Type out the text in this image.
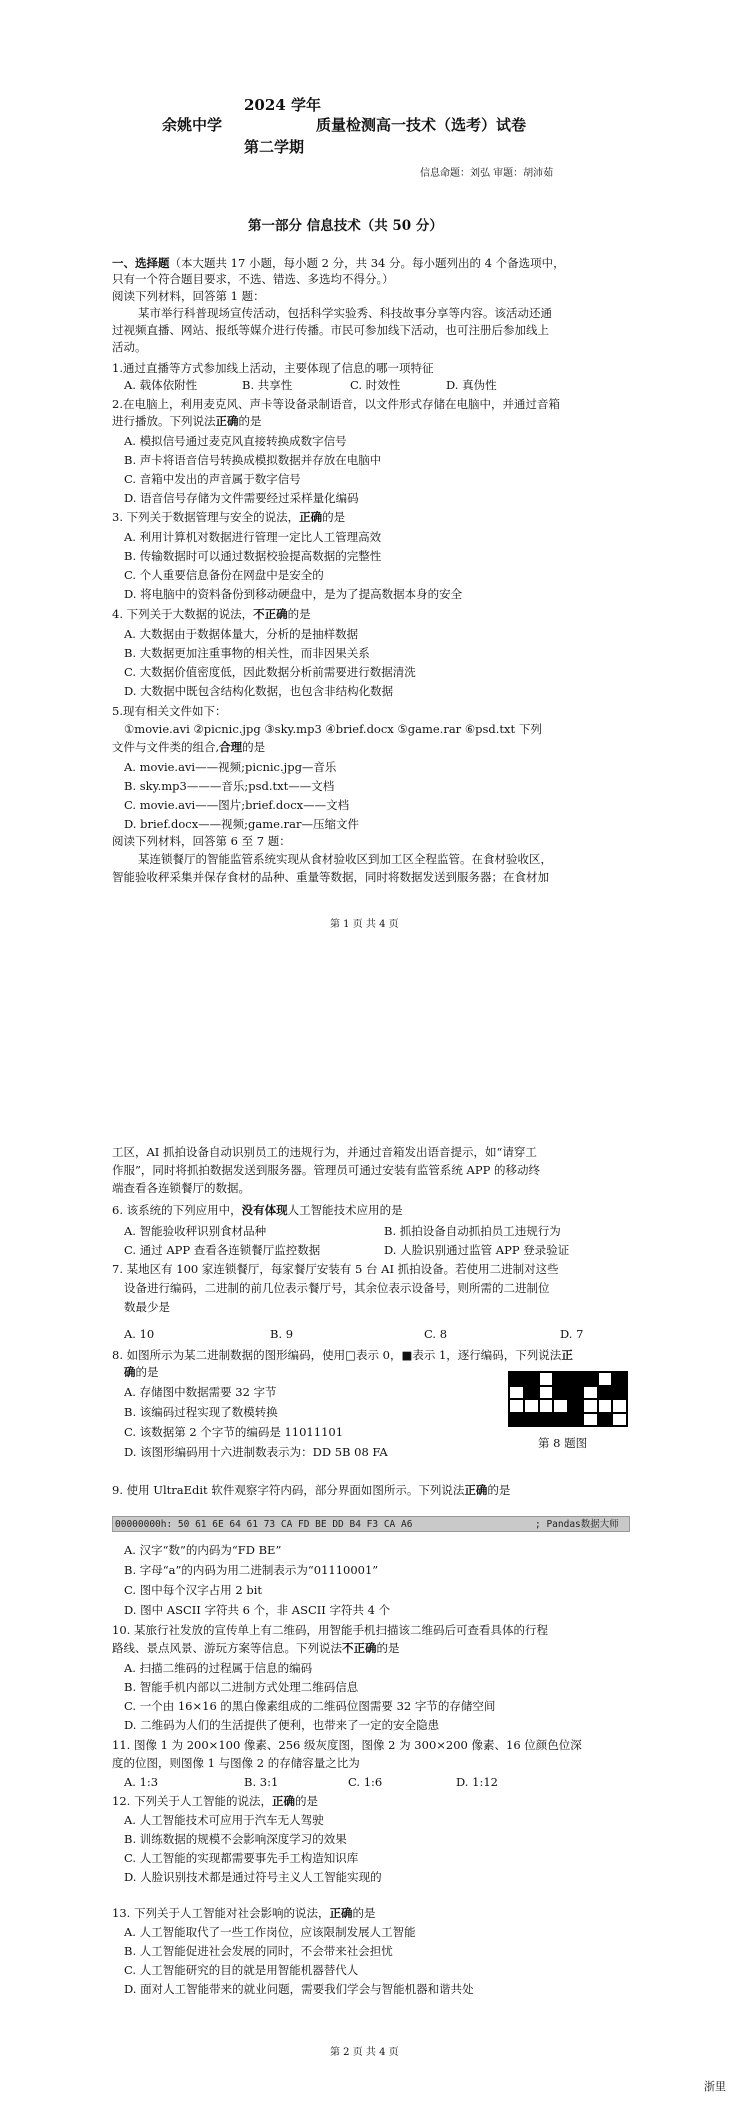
2024 学年
余姚中学	质量检测高一技术（选考）试卷
第二学期
信息命题：刘弘 审题：胡沛茹
第一部分 信息技术（共 50 分）
一、选择题（本大题共 17 小题，每小题 2 分，共 34 分。每小题列出的 4 个备选项中，
只有一个符合题目要求，不选、错选、多选均不得分。）
阅读下列材料，回答第 1 题：
某市举行科普现场宣传活动，包括科学实验秀、科技故事分享等内容。该活动还通
过视频直播、网站、报纸等媒介进行传播。市民可参加线下活动，也可注册后参加线上
活动。
1.通过直播等方式参加线上活动，主要体现了信息的哪一项特征
A. 载体依附性	B. 共享性	C. 时效性	D. 真伪性
2.在电脑上，利用麦克风、声卡等设备录制语音，以文件形式存储在电脑中，并通过音箱
进行播放。下列说法正确的是
A. 模拟信号通过麦克风直接转换成数字信号
B. 声卡将语音信号转换成模拟数据并存放在电脑中
C. 音箱中发出的声音属于数字信号
D. 语音信号存储为文件需要经过采样量化编码
3. 下列关于数据管理与安全的说法，正确的是
A. 利用计算机对数据进行管理一定比人工管理高效
B. 传输数据时可以通过数据校验提高数据的完整性
C. 个人重要信息备份在网盘中是安全的
D. 将电脑中的资料备份到移动硬盘中，是为了提高数据本身的安全
4. 下列关于大数据的说法，不正确的是
A. 大数据由于数据体量大，分析的是抽样数据
B. 大数据更加注重事物的相关性，而非因果关系
C. 大数据价值密度低，因此数据分析前需要进行数据清洗
D. 大数据中既包含结构化数据，也包含非结构化数据
5.现有相关文件如下：
①movie.avi ②picnic.jpg ③sky.mp3 ④brief.docx ⑤game.rar ⑥psd.txt 下列
文件与文件类的组合,合理的是
A. movie.avi——视频;picnic.jpg—音乐
B. sky.mp3———音乐;psd.txt——文档
C. movie.avi——图片;brief.docx——文档
D. brief.docx——视频;game.rar—压缩文件
阅读下列材料，回答第 6 至 7 题：
某连锁餐厅的智能监管系统实现从食材验收区到加工区全程监管。在食材验收区，
智能验收秤采集并保存食材的品种、重量等数据，同时将数据发送到服务器；在食材加
第 1 页 共 4 页
工区，AI 抓拍设备自动识别员工的违规行为，并通过音箱发出语音提示，如“请穿工
作服”，同时将抓拍数据发送到服务器。管理员可通过安装有监管系统 APP 的移动终
端查看各连锁餐厅的数据。
6. 该系统的下列应用中，没有体现人工智能技术应用的是
A. 智能验收秤识别食材品种	B. 抓拍设备自动抓拍员工违规行为
C. 通过 APP 查看各连锁餐厅监控数据	D. 人脸识别通过监管 APP 登录验证
7. 某地区有 100 家连锁餐厅，每家餐厅安装有 5 台 AI 抓拍设备。若使用二进制对这些
设备进行编码，二进制的前几位表示餐厅号，其余位表示设备号，则所需的二进制位
数最少是
A. 10	B. 9	C. 8	D. 7
8. 如图所示为某二进制数据的图形编码，使用□表示 0，■表示 1，逐行编码，下列说法正
确的是
A. 存储图中数据需要 32 字节
B. 该编码过程实现了数模转换
C. 该数据第 2 个字节的编码是 11011101
D. 该图形编码用十六进制数表示为：DD 5B 08 FA
第 8 题图
9. 使用 UltraEdit 软件观察字符内码，部分界面如图所示。下列说法正确的是
00000000h: 50 61 6E 64 61 73 CA FD BE DD B4 F3 CA A6	; Pandas数据大师
A. 汉字“数”的内码为“FD BE”
B. 字母“a”的内码为用二进制表示为“01110001”
C. 图中每个汉字占用 2 bit
D. 图中 ASCII 字符共 6 个，非 ASCII 字符共 4 个
10. 某旅行社发放的宣传单上有二维码，用智能手机扫描该二维码后可查看具体的行程
路线、景点风景、游玩方案等信息。下列说法不正确的是
A. 扫描二维码的过程属于信息的编码
B. 智能手机内部以二进制方式处理二维码信息
C. 一个由 16×16 的黑白像素组成的二维码位图需要 32 字节的存储空间
D. 二维码为人们的生活提供了便利，也带来了一定的安全隐患
11. 图像 1 为 200×100 像素、256 级灰度图，图像 2 为 300×200 像素、16 位颜色位深
度的位图，则图像 1 与图像 2 的存储容量之比为
A. 1:3	B. 3:1	C. 1:6	D. 1:12
12. 下列关于人工智能的说法，正确的是
A. 人工智能技术可应用于汽车无人驾驶
B. 训练数据的规模不会影响深度学习的效果
C. 人工智能的实现都需要事先手工构造知识库
D. 人脸识别技术都是通过符号主义人工智能实现的
13. 下列关于人工智能对社会影响的说法，正确的是
A. 人工智能取代了一些工作岗位，应该限制发展人工智能
B. 人工智能促进社会发展的同时，不会带来社会担忧
C. 人工智能研究的目的就是用智能机器替代人
D. 面对人工智能带来的就业问题，需要我们学会与智能机器和谐共处
第 2 页 共 4 页
浙里
